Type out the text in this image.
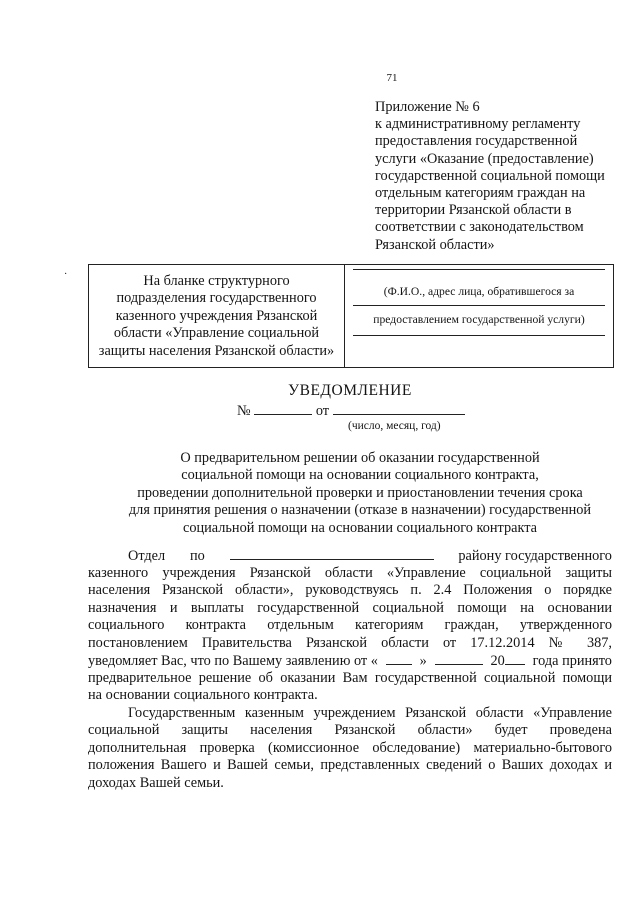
71
Приложение № 6
к административному регламенту
предоставления государственной
услуги «Оказание (предоставление)
государственной социальной помощи
отдельным категориям граждан на
территории Рязанской области в
соответствии с законодательством
Рязанской области»
·	На бланке структурного
подразделения государственного
казенного учреждения Рязанской
области «Управление социальной
защиты населения Рязанской области»
(Ф.И.О., адрес лица, обратившегося за
предоставлением государственной услуги)
УВЕДОМЛЕНИЕ
№	от
(число, месяц, год)
О предварительном решении об оказании государственной
социальной помощи на основании социального контракта,
проведении дополнительной проверки и приостановлении течения срока
для принятия решения о назначении (отказе в назначении) государственной
социальной помощи на основании социального контракта
Отдел по	району государственного
казенного учреждения Рязанской области «Управление социальной защиты
населения Рязанской области», руководствуясь п. 2.4 Положения о порядке
назначения и выплаты государственной социальной помощи на основании
социального контракта отдельным категориям граждан, утвержденного
постановлением Правительства Рязанской области от 17.12.2014 № 387,
уведомляет Вас, что по Вашему заявлению от «	»	20	года принято
предварительное решение об оказании Вам государственной социальной помощи
на основании социального контракта.
Государственным казенным учреждением Рязанской области «Управление
социальной защиты населения Рязанской области» будет проведена
дополнительная проверка (комиссионное обследование) материально-бытового
положения Вашего и Вашей семьи, представленных сведений о Ваших доходах и
доходах Вашей семьи.
